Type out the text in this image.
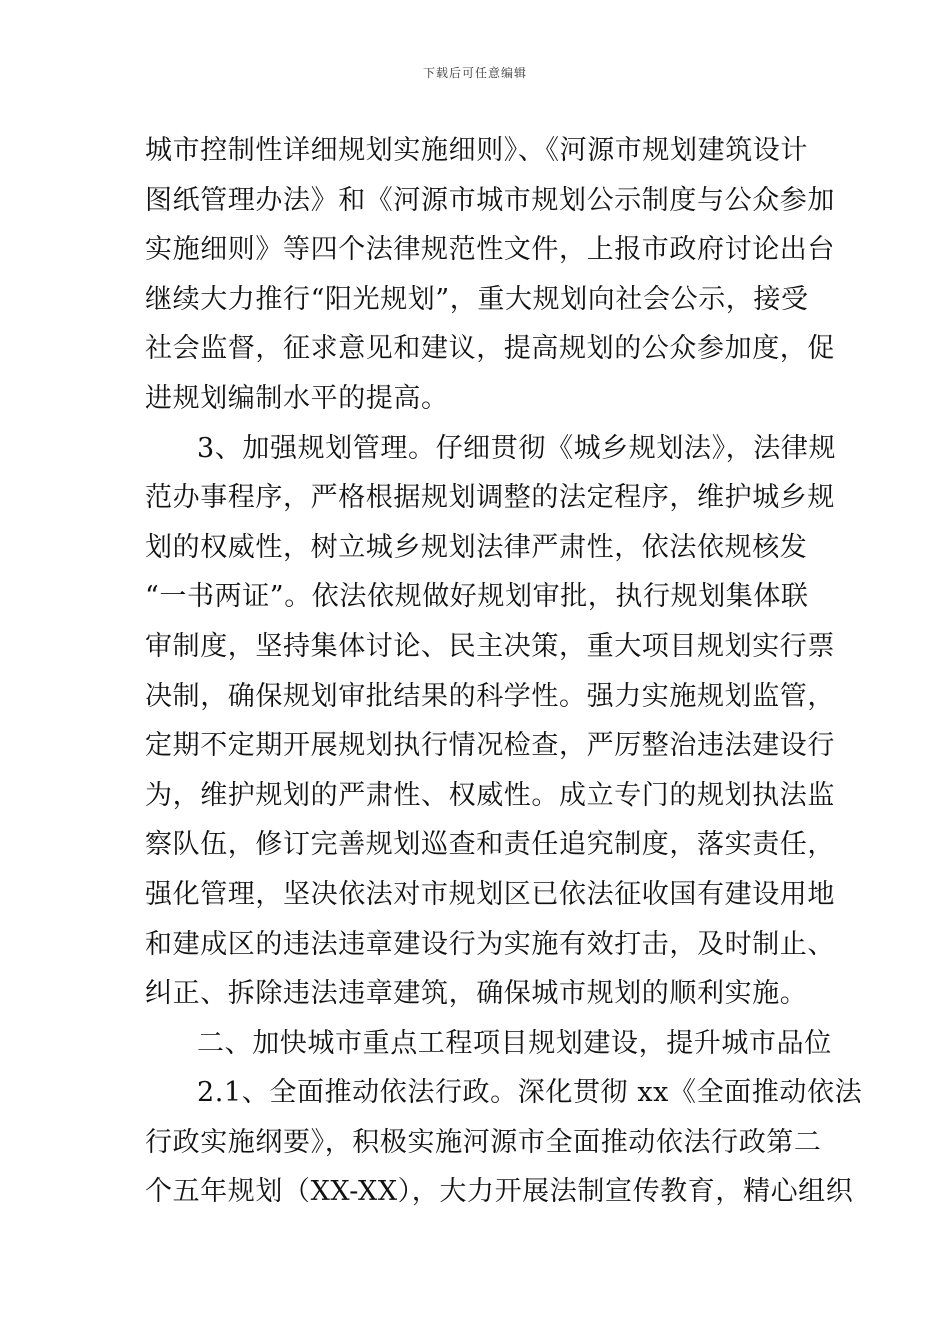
下载后可任意编辑
城市控制性详细规划实施细则》、《河源市规划建筑设计
图纸管理办法》和《河源市城市规划公示制度与公众参加
实施细则》等四个法律规范性文件，上报市政府讨论出台
继续大力推行“阳光规划”，重大规划向社会公示，接受
社会监督，征求意见和建议，提高规划的公众参加度，促
进规划编制水平的提高。
3、加强规划管理。仔细贯彻《城乡规划法》，法律规
范办事程序，严格根据规划调整的法定程序，维护城乡规
划的权威性，树立城乡规划法律严肃性，依法依规核发
“一书两证”。依法依规做好规划审批，执行规划集体联
审制度，坚持集体讨论、民主决策，重大项目规划实行票
决制，确保规划审批结果的科学性。强力实施规划监管，
定期不定期开展规划执行情况检查，严厉整治违法建设行
为，维护规划的严肃性、权威性。成立专门的规划执法监
察队伍，修订完善规划巡查和责任追究制度，落实责任，
强化管理，坚决依法对市规划区已依法征收国有建设用地
和建成区的违法违章建设行为实施有效打击，及时制止、
纠正、拆除违法违章建筑，确保城市规划的顺利实施。
二、加快城市重点工程项目规划建设，提升城市品位
2.1、全面推动依法行政。深化贯彻 xx《全面推动依法
行政实施纲要》，积极实施河源市全面推动依法行政第二
个五年规划（XX-XX），大力开展法制宣传教育，精心组织
